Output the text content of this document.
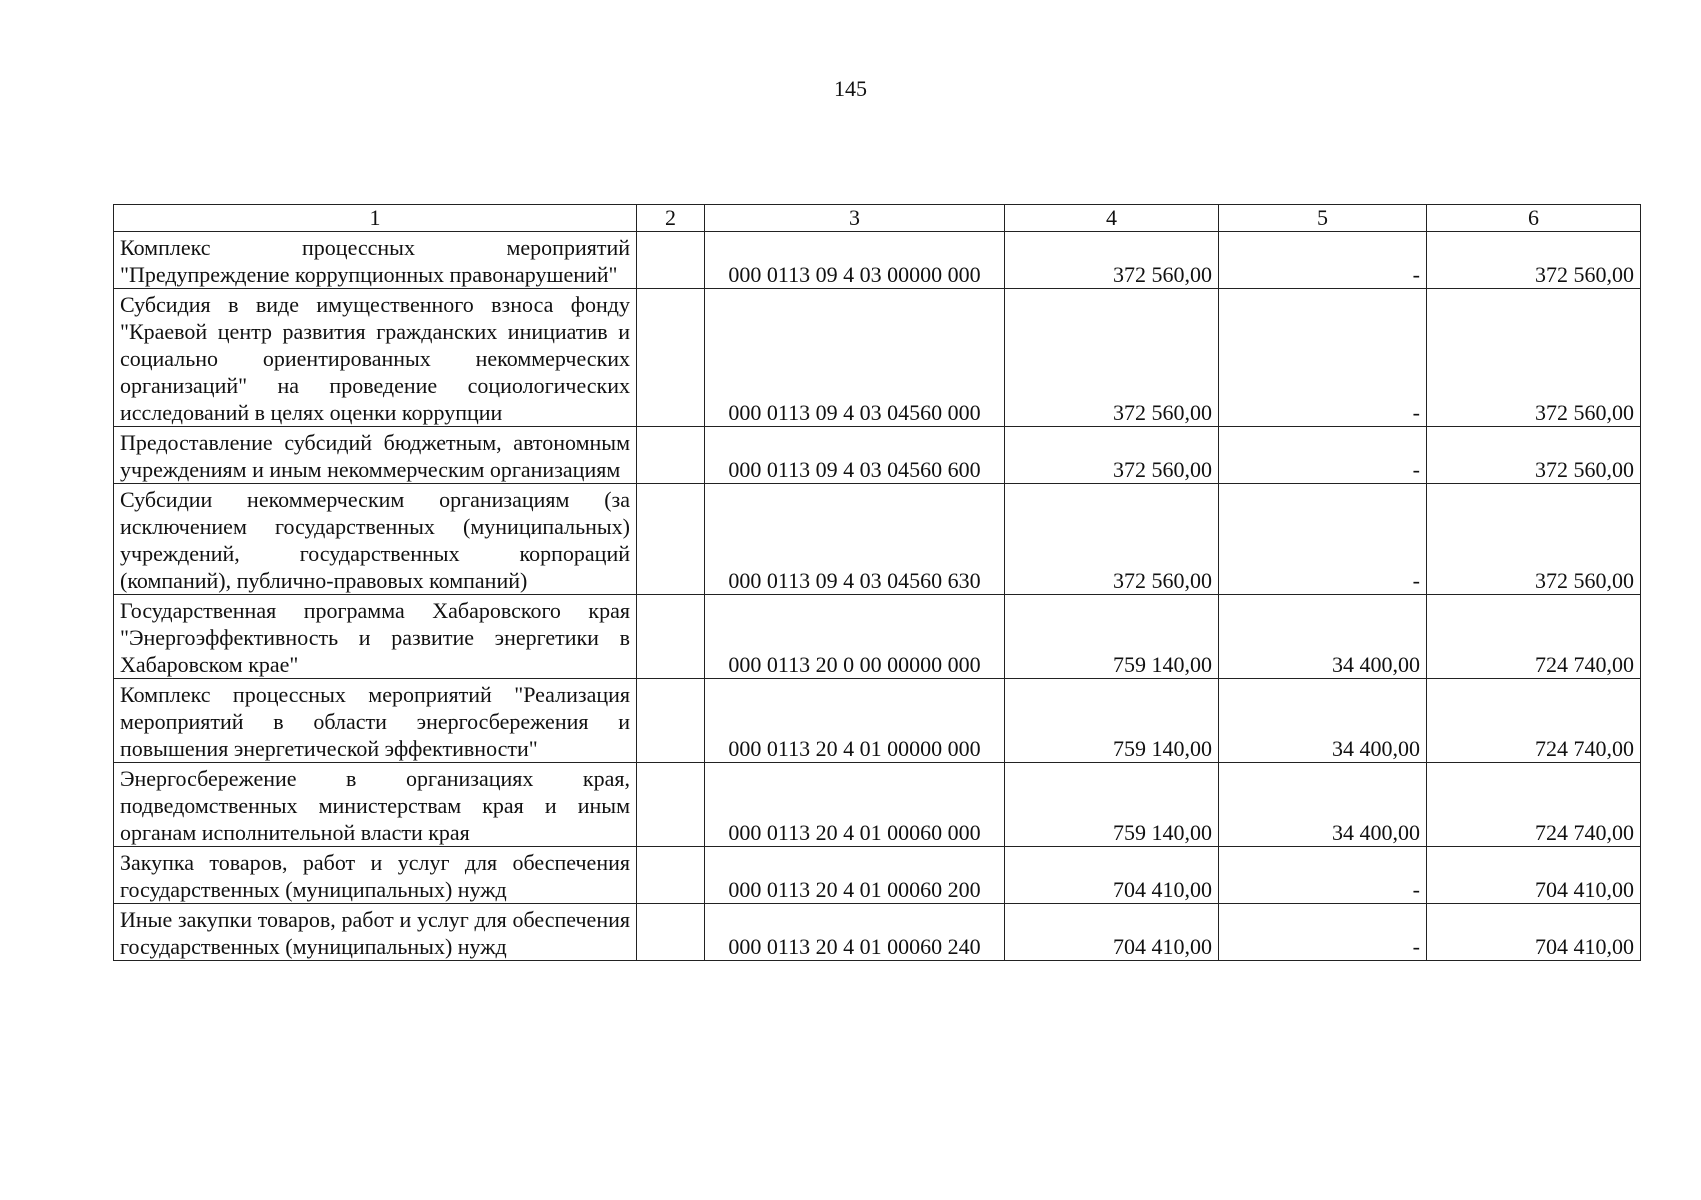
145
1	2	3	4	5	6

Комплекс процессных мероприятий "Предупреждение коррупционных правонарушений"		000 0113 09 4 03 00000 000	372 560,00	-	372 560,00

Субсидия в виде имущественного взноса фонду "Краевой центр развития гражданских инициатив и социально ориентированных некоммерческих организаций" на проведение социологических исследований в целях оценки коррупции		000 0113 09 4 03 04560 000	372 560,00	-	372 560,00

Предоставление субсидий бюджетным, автономным учреждениям и иным некоммерческим организациям		000 0113 09 4 03 04560 600	372 560,00	-	372 560,00

Субсидии некоммерческим организациям (за исключением государственных (муниципальных) учреждений, государственных корпораций (компаний), публично-правовых компаний)		000 0113 09 4 03 04560 630	372 560,00	-	372 560,00

Государственная программа Хабаровского края "Энергоэффективность и развитие энергетики в Хабаровском крае"		000 0113 20 0 00 00000 000	759 140,00	34 400,00	724 740,00

Комплекс процессных мероприятий "Реализация мероприятий в области энергосбережения и повышения энергетической эффективности"		000 0113 20 4 01 00000 000	759 140,00	34 400,00	724 740,00

Энергосбережение в организациях края, подведомственных министерствам края и иным органам исполнительной власти края		000 0113 20 4 01 00060 000	759 140,00	34 400,00	724 740,00

Закупка товаров, работ и услуг для обеспечения государственных (муниципальных) нужд		000 0113 20 4 01 00060 200	704 410,00	-	704 410,00

Иные закупки товаров, работ и услуг для обеспечения государственных (муниципальных) нужд		000 0113 20 4 01 00060 240	704 410,00	-	704 410,00
